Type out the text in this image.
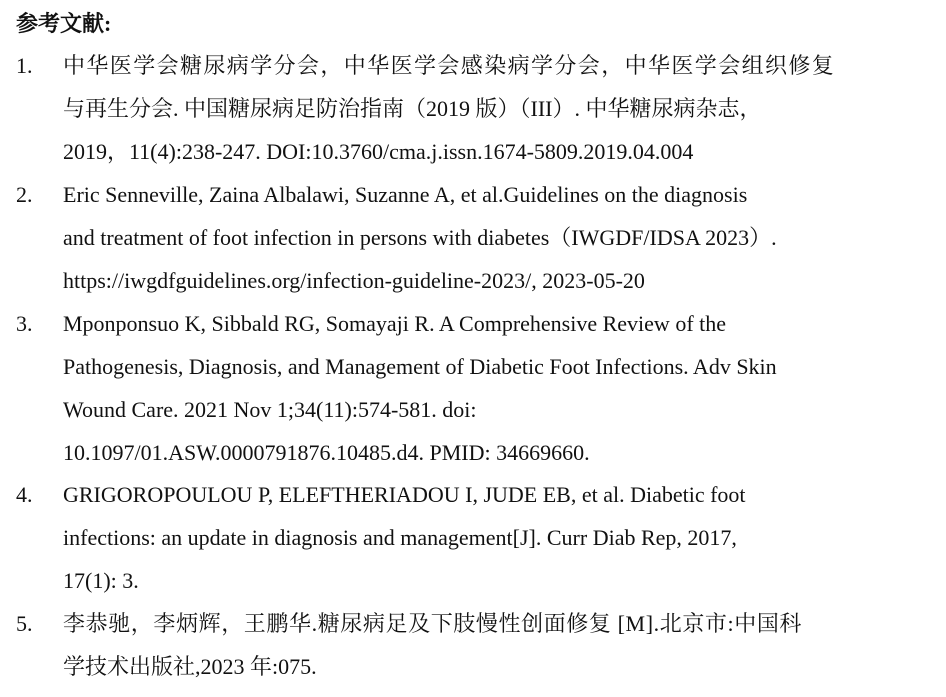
参考文献:
1. 中华医学会糖尿病学分会，中华医学会感染病学分会，中华医学会组织修复
与再生分会. 中国糖尿病足防治指南（2019 版）（III）. 中华糖尿病杂志，
2019，11(4):238-247. DOI:10.3760/cma.j.issn.1674-5809.2019.04.004
2. Eric Senneville, Zaina Albalawi, Suzanne A, et al.Guidelines on the diagnosis
and treatment of foot infection in persons with diabetes（IWGDF/IDSA 2023）.
https://iwgdfguidelines.org/infection-guideline-2023/, 2023-05-20
3. Mponponsuo K, Sibbald RG, Somayaji R. A Comprehensive Review of the
Pathogenesis, Diagnosis, and Management of Diabetic Foot Infections. Adv Skin
Wound Care. 2021 Nov 1;34(11):574-581. doi:
10.1097/01.ASW.0000791876.10485.d4. PMID: 34669660.
4. GRIGOROPOULOU P, ELEFTHERIADOU I, JUDE EB, et al. Diabetic foot
infections: an update in diagnosis and management[J]. Curr Diab Rep, 2017,
17(1): 3.
5. 李恭驰，李炳辉，王鹏华.糖尿病足及下肢慢性创面修复 [M].北京市:中国科
学技术出版社,2023 年:075.
